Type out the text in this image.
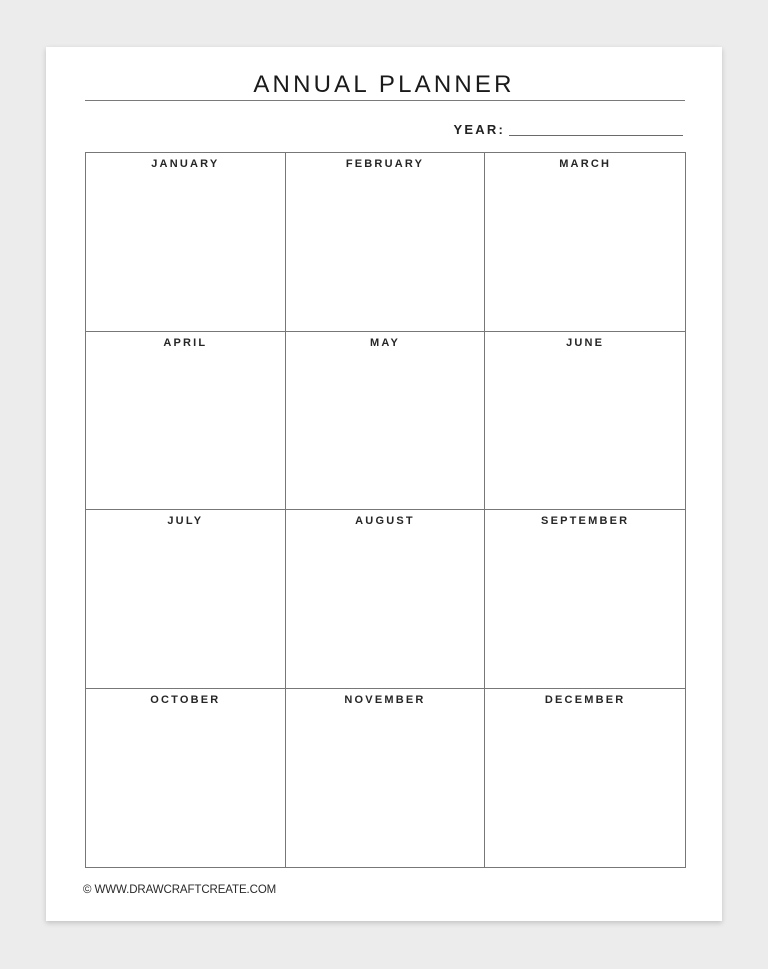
ANNUAL PLANNER
YEAR:
JANUARY	FEBRUARY	MARCH
APRIL	MAY	JUNE
JULY	AUGUST	SEPTEMBER
OCTOBER	NOVEMBER	DECEMBER
© WWW.DRAWCRAFTCREATE.COM
